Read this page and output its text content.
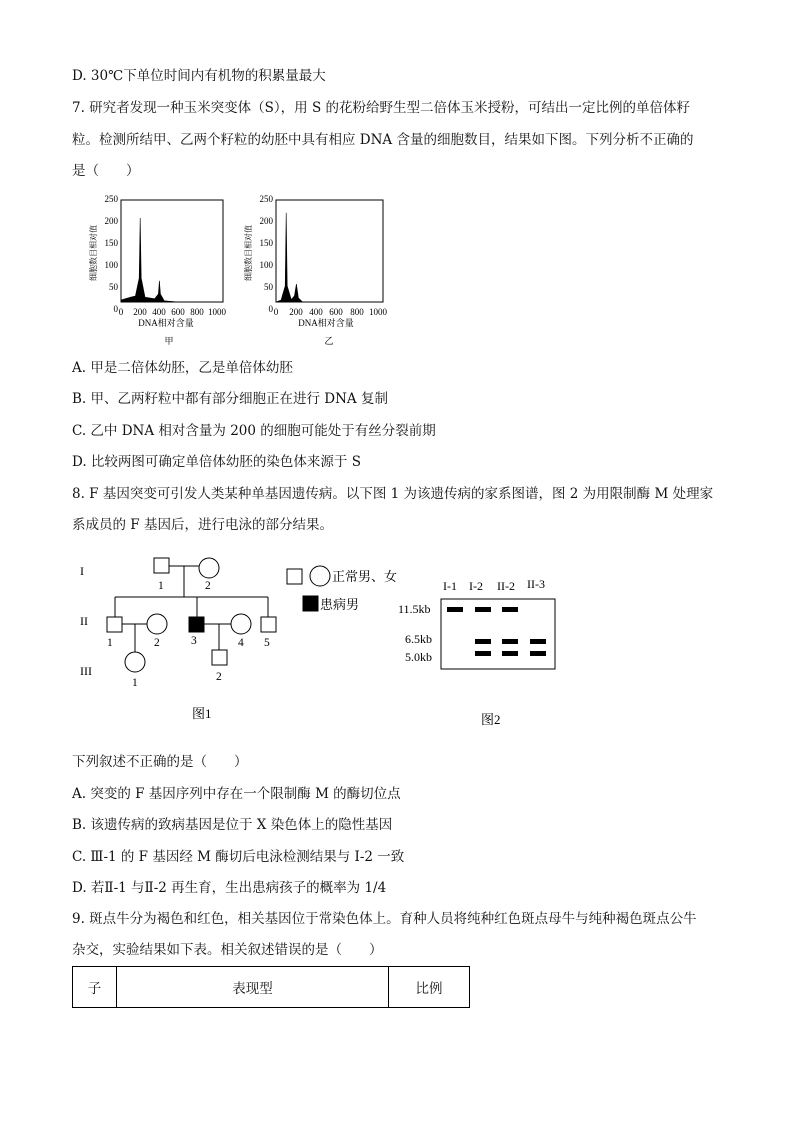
D. 30℃下单位时间内有机物的积累量最大
7. 研究者发现一种玉米突变体（S），用 S 的花粉给野生型二倍体玉米授粉，可结出一定比例的单倍体籽
粒。检测所结甲、乙两个籽粒的幼胚中具有相应 DNA 含量的细胞数目，结果如下图。下列分析不正确的
是（　　）
250
200
150
100
50
0 0 200 400 600 800 1000
DNA相对含量
甲
细胞数目相对值
250
200
150
100
50
0 0 200 400 600 800 1000
DNA相对含量
乙
细胞数目相对值
A. 甲是二倍体幼胚，乙是单倍体幼胚
B. 甲、乙两籽粒中都有部分细胞正在进行 DNA 复制
C. 乙中 DNA 相对含量为 200 的细胞可能处于有丝分裂前期
D. 比较两图可确定单倍体幼胚的染色体来源于 S
8. F 基因突变可引发人类某种单基因遗传病。以下图 1 为该遗传病的家系图谱，图 2 为用限制酶 M 处理家
系成员的 F 基因后，进行电泳的部分结果。
I
II
III
1	2
1	2	3	4 5
1	2
正常男、女
患病男
图1
I-1 I-2 II-2 II-3
11.5kb
6.5kb
5.0kb
图2
下列叙述不正确的是（　　）
A. 突变的 F 基因序列中存在一个限制酶 M 的酶切位点
B. 该遗传病的致病基因是位于 X 染色体上的隐性基因
C. Ⅲ-1 的 F 基因经 M 酶切后电泳检测结果与 I-2 一致
D. 若Ⅱ-1 与Ⅱ-2 再生育，生出患病孩子的概率为 1/4
9. 斑点牛分为褐色和红色，相关基因位于常染色体上。育种人员将纯种红色斑点母牛与纯种褐色斑点公牛
杂交，实验结果如下表。相关叙述错误的是（　　）
子	表现型	比例
